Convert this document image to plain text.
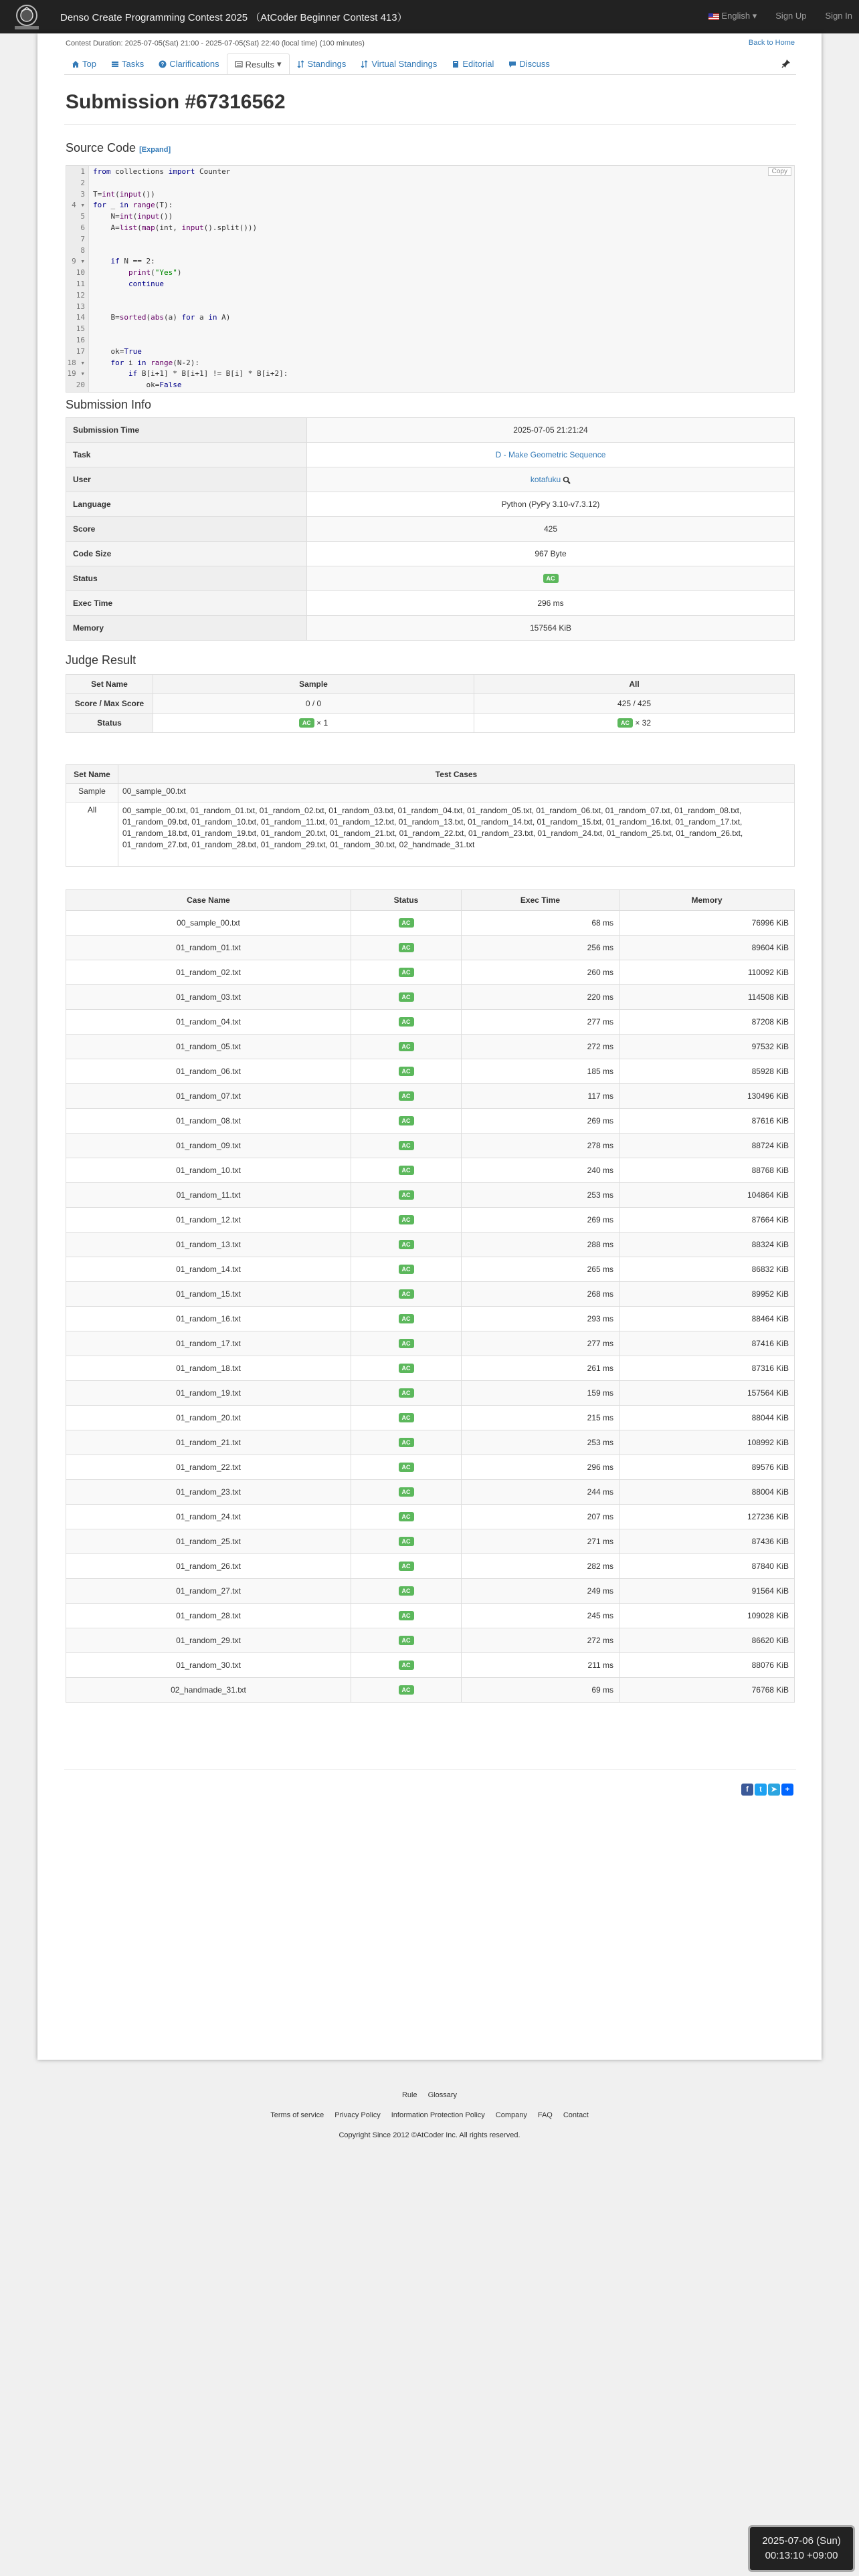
Denso Create Programming Contest 2025 （AtCoder Beginner Contest 413）	English ▾ Sign Up Sign In
Contest Duration: 2025-07-05(Sat) 21:00 - 2025-07-05(Sat) 22:40 (local time) (100 minutes)	Back to Home
Top	Tasks	? Clarifications	Results ▾	Standings	Virtual Standings	Editorial	Discuss
Submission #67316562
Source Code [Expand]
1 from collections import Counter
2
3 T=int(input())
4 ▾ for _ in range(T):
5 N=int(input())
6 A=list(map(int, input().split()))
7
8
9 ▾	if N == 2:
10	print("Yes")
11	continue
12
13
14 B=sorted(abs(a) for a in A)
15
16
17 ok=True
18 ▾	for i in range(N-2):
19 ▾	if B[i+1] * B[i+1] != B[i] * B[i+2]:
20 ok=False
Copy
Submission Info
Submission Time	2025-07-05 21:21:24
Task	D - Make Geometric Sequence
User	kotafuku
Language	Python (PyPy 3.10-v7.3.12)
Score	425
Code Size	967 Byte
Status	AC
Exec Time	296 ms
Memory	157564 KiB
Judge Result
Set Name	Sample	All
Score / Max Score	0 / 0	425 / 425
Status	AC × 1	AC × 32
Set Name	Test Cases
Sample	00_sample_00.txt
All	00_sample_00.txt, 01_random_01.txt, 01_random_02.txt, 01_random_03.txt, 01_random_04.txt, 01_random_05.txt, 01_random_06.txt, 01_random_07.txt, 01_random_08.txt, 01_random_09.txt, 01_random_10.txt, 01_random_11.txt, 01_random_12.txt, 01_random_13.txt, 01_random_14.txt, 01_random_15.txt, 01_random_16.txt, 01_random_17.txt, 01_random_18.txt, 01_random_19.txt, 01_random_20.txt, 01_random_21.txt, 01_random_22.txt, 01_random_23.txt, 01_random_24.txt, 01_random_25.txt, 01_random_26.txt, 01_random_27.txt, 01_random_28.txt, 01_random_29.txt, 01_random_30.txt, 02_handmade_31.txt
Case Name	Status	Exec Time	Memory
00_sample_00.txt	AC	68 ms	76996 KiB
01_random_01.txt	AC	256 ms	89604 KiB
01_random_02.txt	AC	260 ms	110092 KiB
01_random_03.txt	AC	220 ms	114508 KiB
01_random_04.txt	AC	277 ms	87208 KiB
01_random_05.txt	AC	272 ms	97532 KiB
01_random_06.txt	AC	185 ms	85928 KiB
01_random_07.txt	AC	117 ms	130496 KiB
01_random_08.txt	AC	269 ms	87616 KiB
01_random_09.txt	AC	278 ms	88724 KiB
01_random_10.txt	AC	240 ms	88768 KiB
01_random_11.txt	AC	253 ms	104864 KiB
01_random_12.txt	AC	269 ms	87664 KiB
01_random_13.txt	AC	288 ms	88324 KiB
01_random_14.txt	AC	265 ms	86832 KiB
01_random_15.txt	AC	268 ms	89952 KiB
01_random_16.txt	AC	293 ms	88464 KiB
01_random_17.txt	AC	277 ms	87416 KiB
01_random_18.txt	AC	261 ms	87316 KiB
01_random_19.txt	AC	159 ms	157564 KiB
01_random_20.txt	AC	215 ms	88044 KiB
01_random_21.txt	AC	253 ms	108992 KiB
01_random_22.txt	AC	296 ms	89576 KiB
01_random_23.txt	AC	244 ms	88004 KiB
01_random_24.txt	AC	207 ms	127236 KiB
01_random_25.txt	AC	271 ms	87436 KiB
01_random_26.txt	AC	282 ms	87840 KiB
01_random_27.txt	AC	249 ms	91564 KiB
01_random_28.txt	AC	245 ms	109028 KiB
01_random_29.txt	AC	272 ms	86620 KiB
01_random_30.txt	AC	211 ms	88076 KiB
02_handmade_31.txt	AC	69 ms	76768 KiB
f	t	➤	+
Rule Glossary
Terms of service Privacy Policy Information Protection Policy Company FAQ Contact
Copyright Since 2012 ©AtCoder Inc. All rights reserved.
2025-07-06 (Sun)
00:13:10 +09:00
